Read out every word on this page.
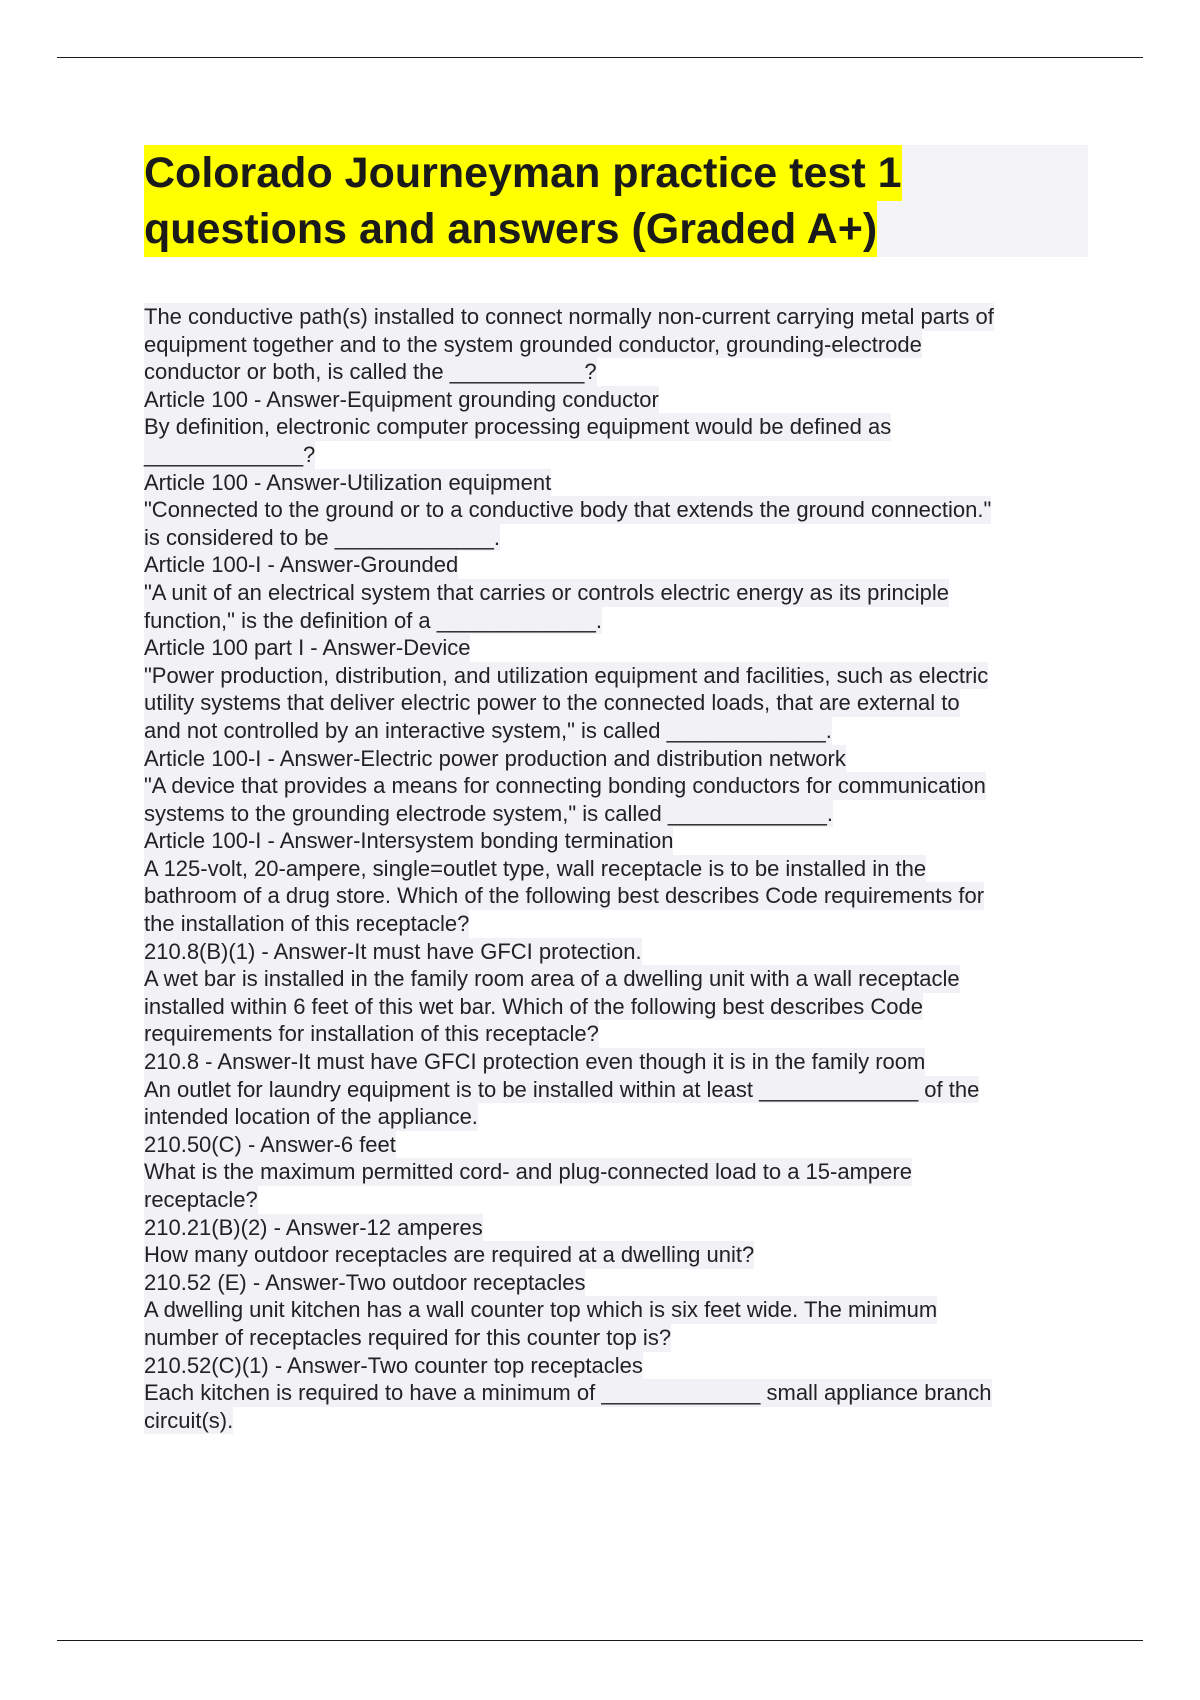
Colorado Journeyman practice test 1
questions and answers (Graded A+)
The conductive path(s) installed to connect normally non-current carrying metal parts of
equipment together and to the system grounded conductor, grounding-electrode
conductor or both, is called the ___________?
Article 100 - Answer-Equipment grounding conductor
By definition, electronic computer processing equipment would be defined as
_____________?
Article 100 - Answer-Utilization equipment
"Connected to the ground or to a conductive body that extends the ground connection."
is considered to be _____________.
Article 100-I - Answer-Grounded
"A unit of an electrical system that carries or controls electric energy as its principle
function," is the definition of a _____________.
Article 100 part I - Answer-Device
"Power production, distribution, and utilization equipment and facilities, such as electric
utility systems that deliver electric power to the connected loads, that are external to
and not controlled by an interactive system," is called _____________.
Article 100-I - Answer-Electric power production and distribution network
"A device that provides a means for connecting bonding conductors for communication
systems to the grounding electrode system," is called _____________.
Article 100-I - Answer-Intersystem bonding termination
A 125-volt, 20-ampere, single=outlet type, wall receptacle is to be installed in the
bathroom of a drug store. Which of the following best describes Code requirements for
the installation of this receptacle?
210.8(B)(1) - Answer-It must have GFCI protection.
A wet bar is installed in the family room area of a dwelling unit with a wall receptacle
installed within 6 feet of this wet bar. Which of the following best describes Code
requirements for installation of this receptacle?
210.8 - Answer-It must have GFCI protection even though it is in the family room
An outlet for laundry equipment is to be installed within at least _____________ of the
intended location of the appliance.
210.50(C) - Answer-6 feet
What is the maximum permitted cord- and plug-connected load to a 15-ampere
receptacle?
210.21(B)(2) - Answer-12 amperes
How many outdoor receptacles are required at a dwelling unit?
210.52 (E) - Answer-Two outdoor receptacles
A dwelling unit kitchen has a wall counter top which is six feet wide. The minimum
number of receptacles required for this counter top is?
210.52(C)(1) - Answer-Two counter top receptacles
Each kitchen is required to have a minimum of _____________ small appliance branch
circuit(s).
